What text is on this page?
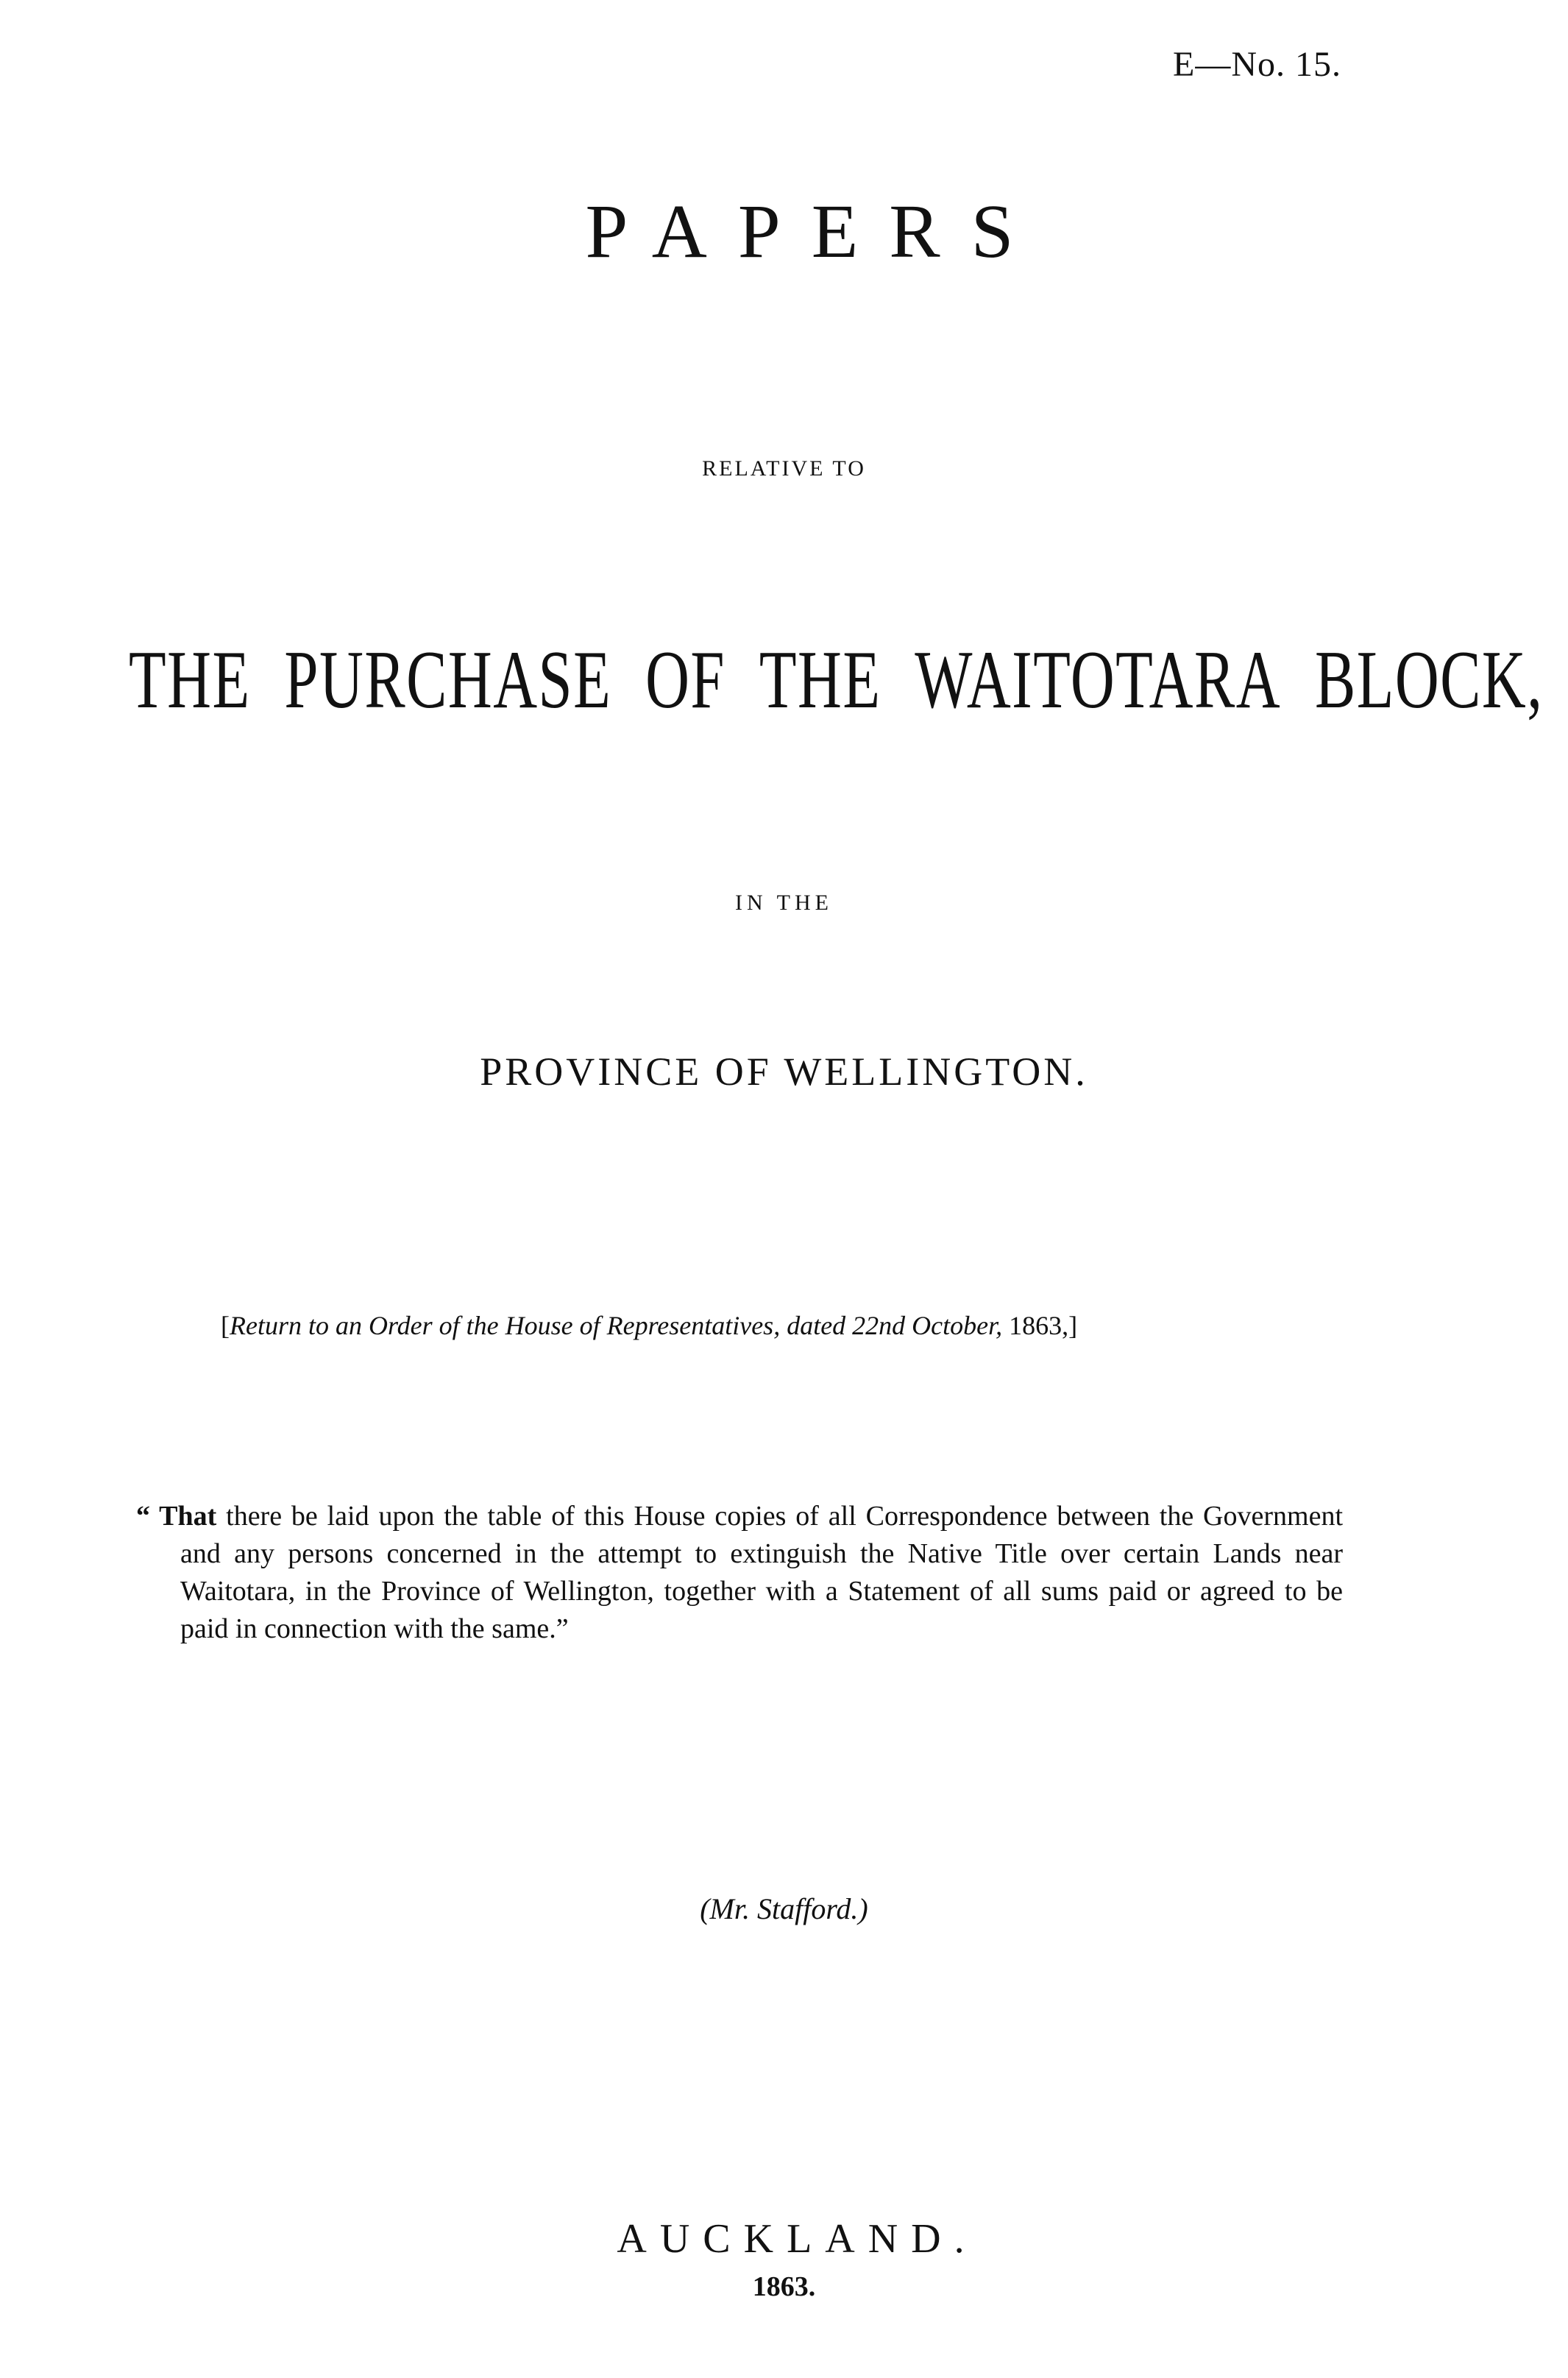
E—No. 15.
PAPERS
RELATIVE TO
THE PURCHASE OF THE WAITOTARA BLOCK,
IN THE
PROVINCE OF WELLINGTON.
[Return to an Order of the House of Representatives, dated 22nd October, 1863,]

“ That there be laid upon the table of this House copies of all Correspondence between the Government and any persons concerned in the attempt to extinguish the Native Title over certain Lands near Waitotara, in the Province of Wellington, together with a Statement of all sums paid or agreed to be paid in connection with the same.”

(Mr. Stafford.)
AUCKLAND.
1863.
